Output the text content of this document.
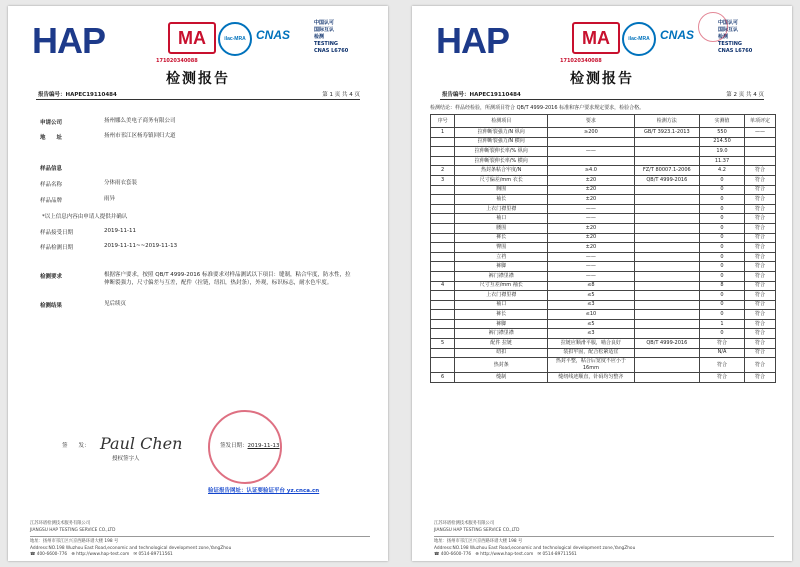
HAP	MA
171020340088
ilac-MRA CNAS
中国认可
国际互认
检测
TESTING
CNAS L6760
检测报告
报告编号：HAPEC19110484	第 1 页 共 4 页
申请公司	扬州娜么美电子商务有限公司
地　　址	扬州市邗江区杨寿镇回归大道
样品信息
样品名称	分体雨衣套装
样品品牌	雨异
*以上信息内容由申请人提供并确认
样品接受日期	2019-11-11
样品检测日期	2019-11-11~~2019-11-13
检测要求	根据客户要求，按照 QB/T 4999-2016 标准要求对样品测试以下项目：缝制，粘合牢度，防水性，拉伸断裂强力，尺寸偏差与互差，配件（拉链，纽扣，热封条），外观，标识标志，耐水色牢度。
检测结果	见后续页
签　　发： Paul Chen
授权签字人
签发日期：2019-11-13
验证报告网址：认证要验证平台 yz.cnca.cn
江苏环谱检测技术服务有限公司
JIANGSU HAP TESTING SERVICE CO.,LTD
地址：扬州市邗江区兴京西路环谱大楼 198 号
Address:NO.198 Wuzhou East Road,economic and technological development zone,YangZhou
☎ 400-6600-776   ⊕ http://www.hap-test.com   ✉ 0514-89711561
HAP	MA
171020340088
ilac-MRA CNAS
中国认可
国际互认
检测
TESTING
CNAS L6760
检测报告
报告编号：HAPEC19110484	第 2 页 共 4 页
检测结论：样品经检验，所测项目符合 QB/T 4999-2016 标准和客户要求规定要求，检验合格。
序号	检测项目	要求	检测方法	实测值	单项评定
1	拉伸断裂强力/N 纵向	≥200	GB/T 3923.1-2013	550	——
	拉伸断裂强力/N 横向			214.50	
	拉伸断裂伸长率/% 纵向	——		19.0	
	拉伸断裂伸长率/% 横向			11.37	
2	热封条粘合牢度/N	≥4.0	FZ/T 80007.1-2006	4.2	符合
3	尺寸偏差/mm 衣长	±20	QB/T 4999-2016	0	符合
	胸围	±20		0	符合
	袖长	±20		0	符合
	上衣门襟里襟	——		0	符合
	袖口	——		0	符合
	腰围	±20		0	符合
	裤长	±20		0	符合
	臀围	±20		0	符合
	立裆	——		0	符合
	裤脚	——		0	符合
	裤门襟里襟	——		0	符合
4	尺寸互差/mm 袖长	≤8		8	符合
	上衣门襟里襟	≤5		0	符合
	袖口	≤3		0	符合
	裤长	≤10		0	符合
	裤脚	≤5		1	符合
	裤门襟里襟	≤3		0	符合
5	配件 拉链	拉链应顺滑平服，啮合良好	QB/T 4999-2016	符合	符合
	纽扣	装扣牢固，配合松紧适宜		N/A	符合
	热封条	热封平整，粘合后宽度不应小于16mm		符合	符合
6	缝制	缝纫线迹顺直，针码均匀整齐		符合	符合
江苏环谱检测技术服务有限公司
JIANGSU HAP TESTING SERVICE CO.,LTD
地址：扬州市邗江区兴京西路环谱大楼 198 号
Address:NO.198 Wuzhou East Road,economic and technological development zone,YangZhou
☎ 400-6600-776   ⊕ http://www.hap-test.com   ✉ 0514-89711561
